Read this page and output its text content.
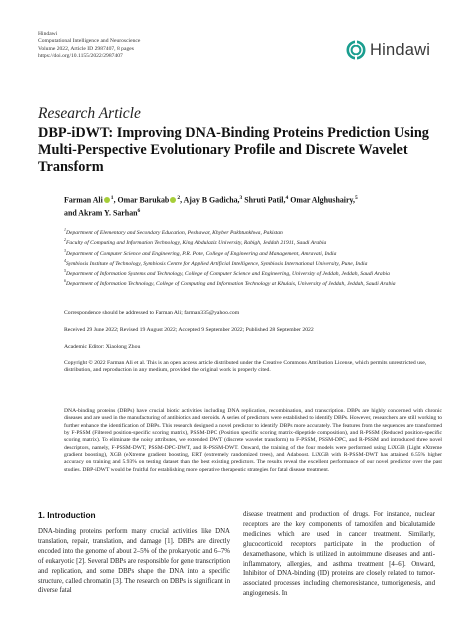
Hindawi
Computational Intelligence and Neuroscience
Volume 2022, Article ID 2987407, 8 pages
https://doi.org/10.1155/2022/2987407	Hindawi
Research Article
DBP-iDWT: Improving DNA-Binding Proteins Prediction Using Multi-Perspective Evolutionary Profile and Discrete Wavelet Transform
Farman Ali $^1$, Omar Barukab $^2$, Ajay B Gadicha,$^3$ Shruti Patil,$^4$ Omar Alghushairy,$^5$
and Akram Y. Sarhan$^6$

$^1$Department of Elementary and Secondary Education, Peshawar, Khyber Pakhtunkhwa, Pakistan

$^2$Faculty of Computing and Information Technology, King Abdulaziz University, Rabigh, Jeddah 21911, Saudi Arabia

$^3$Department of Computer Science and Engineering, P.R. Pote, College of Engineering and Management, Amravati, India

$^4$Symbiosis Institute of Technology, Symbiosis Centre for Applied Artificial Intelligence, Symbiosis International University, Pune, India

$^5$Department of Information Systems and Technology, College of Computer Science and Engineering, University of Jeddah, Jeddah, Saudi Arabia

$^6$Department of Information Technology, College of Computing and Information Technology at Khulais, University of Jeddah, Jeddah, Saudi Arabia

Correspondence should be addressed to Farman Ali; farman335@yahoo.com
Received 29 June 2022; Revised 19 August 2022; Accepted 9 September 2022; Published 28 September 2022
Academic Editor: Xiaolong Zhou
Copyright © 2022 Farman Ali et al. This is an open access article distributed under the Creative Commons Attribution License, which permits unrestricted use, distribution, and reproduction in any medium, provided the original work is properly cited.
DNA-binding proteins (DBPs) have crucial biotic activities including DNA replication, recombination, and transcription. DBPs are highly concerned with chronic diseases and are used in the manufacturing of antibiotics and steroids. A series of predictors were established to identify DBPs. However, researchers are still working to further enhance the identification of DBPs. This research designed a novel predictor to identify DBPs more accurately. The features from the sequences are transformed by F-PSSM (Filtered position-specific scoring matrix), PSSM-DPC (Position specific scoring matrix-dipeptide composition), and R-PSSM (Reduced position-specific scoring matrix). To eliminate the noisy attributes, we extended DWT (discrete wavelet transform) to F-PSSM, PSSM-DPC, and R-PSSM and introduced three novel descriptors, namely, F-PSSM-DWT, PSSM-DPC-DWT, and R-PSSM-DWT. Onward, the training of the four models were performed using LiXGB (Light eXtreme gradient boosting), XGB (eXtreme gradient boosting, ERT (extremely randomized trees), and Adaboost. LiXGB with R-PSSM-DWT has attained 6.55% higher accuracy on training and 5.93% on testing dataset than the best existing predictors. The results reveal the excellent performance of our novel predictor over the past studies. DBP-iDWT would be fruitful for establishing more operative therapeutic strategies for fatal disease treatment.
1. Introduction
DNA-binding proteins perform many crucial activities like DNA translation, repair, translation, and damage [1]. DBPs are directly encoded into the genome of about 2–5% of the prokaryotic and 6–7% of eukaryotic [2]. Several DBPs are responsible for gene transcription and replication, and some DBPs shape the DNA into a specific structure, called chromatin [3]. The research on DBPs is significant in diverse fatal
disease treatment and production of drugs. For instance, nuclear receptors are the key components of tamoxifen and bicalutamide medicines which are used in cancer treatment. Similarly, glucocorticoid receptors participate in the production of dexamethasone, which is utilized in autoimmune diseases and anti-inflammatory, allergies, and asthma treatment [4–6]. Onward, Inhibitor of DNA-binding (ID) proteins are closely related to tumor-associated processes including chemoresistance, tumorigenesis, and angiogenesis. In
